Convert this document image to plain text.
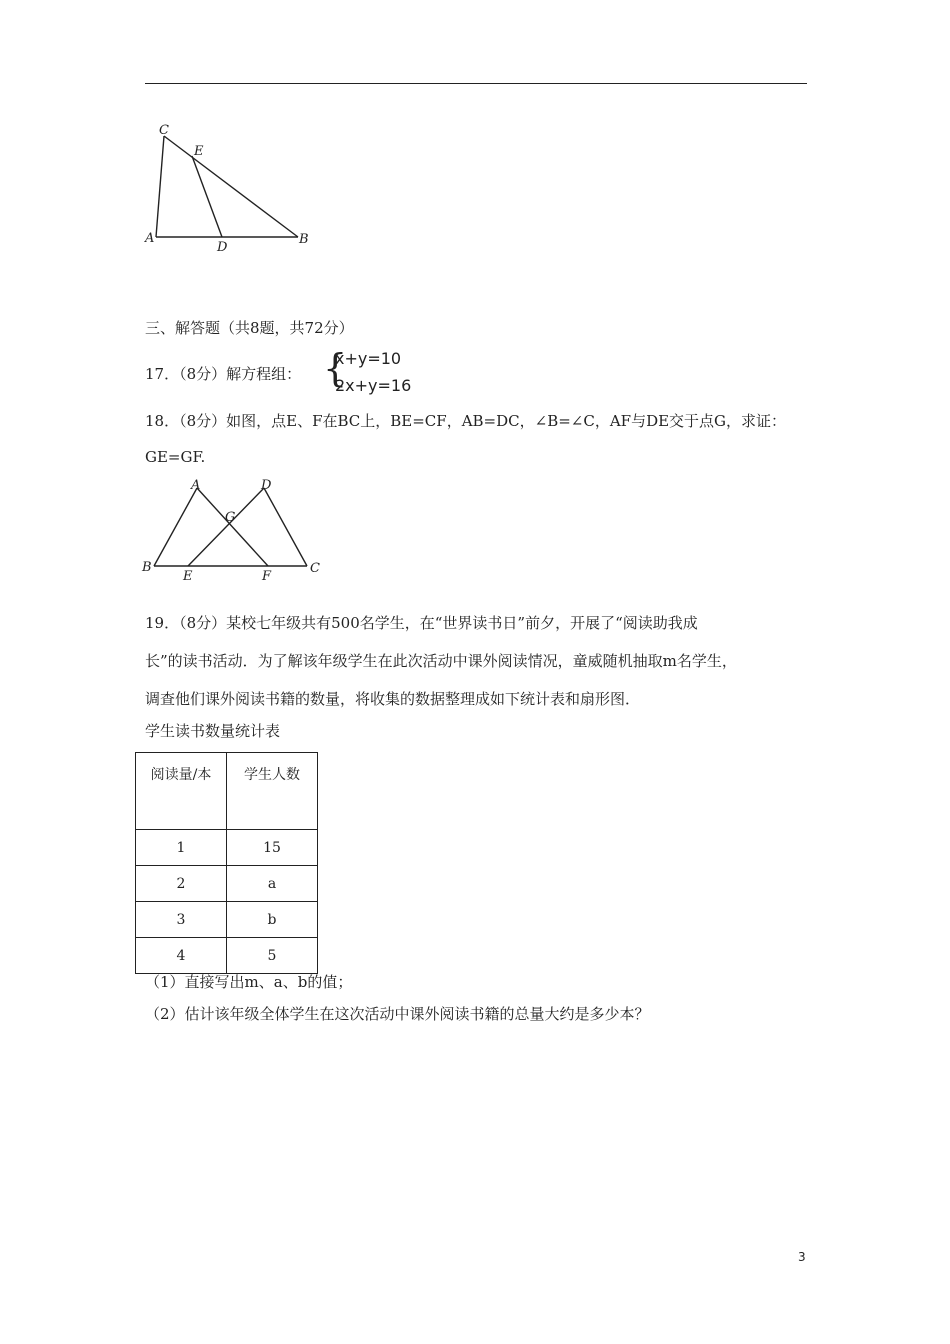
C
E
A
D
B
三、解答题（共8题，共72分）
17．（8分）解方程组： {
x+y=10
2x+y=16
18．（8分）如图，点E、F在BC上，BE=CF，AB=DC，∠B=∠C，AF与DE交于点G，求证：
GE=GF.
A	D
G
B
E	F
C
19．（8分）某校七年级共有500名学生，在“世界读书日”前夕，开展了“阅读助我成
长”的读书活动．为了解该年级学生在此次活动中课外阅读情况，童威随机抽取m名学生，
调查他们课外阅读书籍的数量，将收集的数据整理成如下统计表和扇形图．
学生读书数量统计表
阅读量/本	学生人数
1	15
2	a
3	b
4	5
（1）直接写出m、a、b的值；
（2）估计该年级全体学生在这次活动中课外阅读书籍的总量大约是多少本？
3
